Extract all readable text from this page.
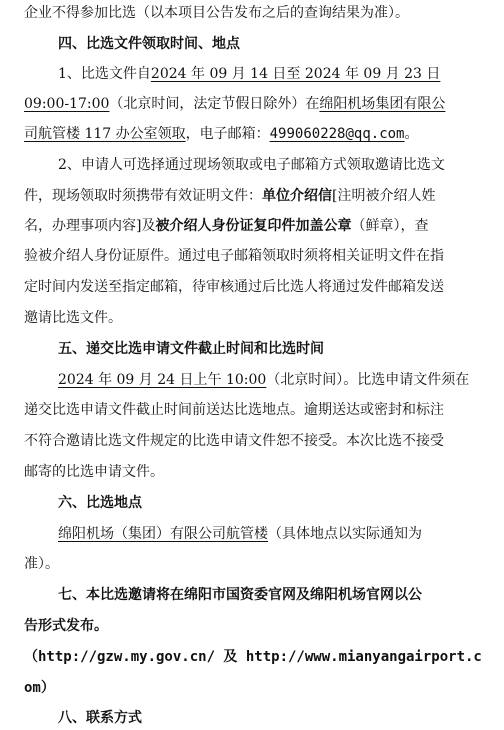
企业不得参加比选（以本项目公告发布之后的查询结果为准）。
四、比选文件领取时间、地点
1、比选文件自2024 年 09 月 14 日至 2024 年 09 月 23 日
09:00-17:00（北京时间，法定节假日除外）在绵阳机场集团有限公
司航管楼 117 办公室领取，电子邮箱：499060228@qq.com。
2、申请人可选择通过现场领取或电子邮箱方式领取邀请比选文
件，现场领取时须携带有效证明文件：单位介绍信[注明被介绍人姓
名，办理事项内容]及被介绍人身份证复印件加盖公章（鲜章），查
验被介绍人身份证原件。通过电子邮箱领取时须将相关证明文件在指
定时间内发送至指定邮箱，待审核通过后比选人将通过发件邮箱发送
邀请比选文件。
五、递交比选申请文件截止时间和比选时间
2024 年 09 月 24 日上午 10:00（北京时间）。比选申请文件须在
递交比选申请文件截止时间前送达比选地点。逾期送达或密封和标注
不符合邀请比选文件规定的比选申请文件恕不接受。本次比选不接受
邮寄的比选申请文件。
六、比选地点
绵阳机场（集团）有限公司航管楼（具体地点以实际通知为
准）。
七、本比选邀请将在绵阳市国资委官网及绵阳机场官网以公
告形式发布。
（http://gzw.my.gov.cn/ 及 http://www.mianyangairport.c
om）
八、联系方式
